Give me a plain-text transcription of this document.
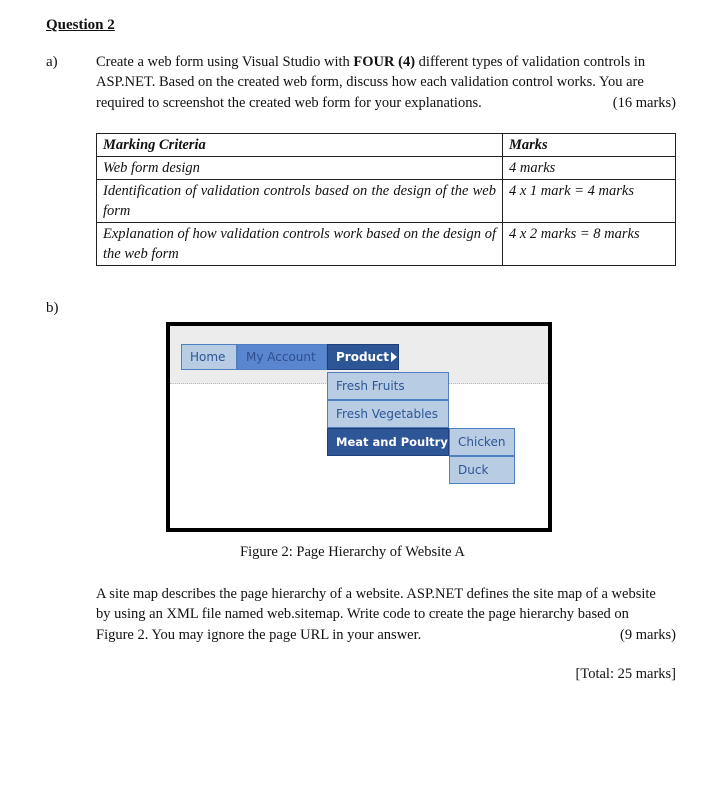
Question 2
a)	Create a web form using Visual Studio with FOUR (4) different types of validation controls in
ASP.NET. Based on the created web form, discuss how each validation control works. You are
required to screenshot the created web form for your explanations.	(16 marks)
Marking Criteria	Marks
Web form design	4 marks
Identification of validation controls based on the design of the web form	4 x 1 mark = 4 marks
Explanation of how validation controls work based on the design of the web form	4 x 2 marks = 8 marks
b)
Home	My Account	Product
Fresh Fruits
Fresh Vegetables
Meat and Poultry Chicken
Duck
Figure 2: Page Hierarchy of Website A
A site map describes the page hierarchy of a website. ASP.NET defines the site map of a website
by using an XML file named web.sitemap. Write code to create the page hierarchy based on
Figure 2. You may ignore the page URL in your answer.	(9 marks)
[Total: 25 marks]
